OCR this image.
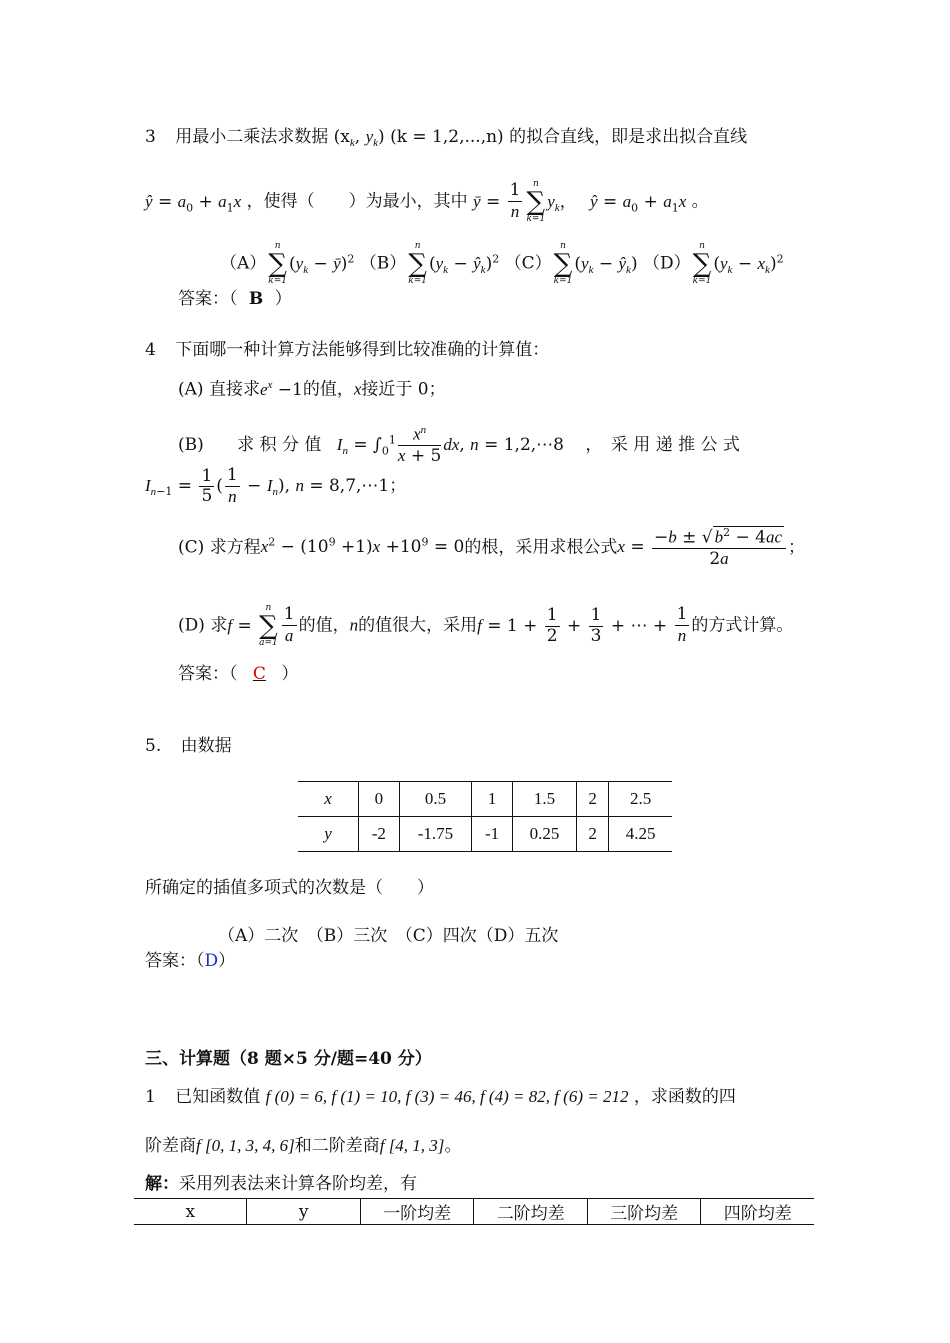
3 用最小二乘法求数据 ($x_k$, $y_k$) (k = 1,2,...,n) 的拟合直线，即是求出拟合直线
ŷ = $a_0 + a_1x$ ，使得（　　）为最小，其中 ȳ = $\frac{1}{n}$	n
∑
k=1
$y_k$， ŷ = $a_0 + a_1x$ 。
（A）
n
∑
k=1
($y_k$ − ȳ)$^2$ （B）
n
∑
k=1
($y_k$ − $ŷ_k)^2$ （C）
n
∑
k=1
($y_k$ − $ŷ_k$) （D）
n
∑
k=1
$(y_k - x_k)^2$
答案：（ B ）
4 下面哪一种计算方法能够得到比较准确的计算值：
(A) 直接求$e^x -1$的值，x接近于 0；
(B) 求 积 分 值 $I_n = \int_0^1 \frac{x^n}{x + 5}$ dx, n = 1,2,⋯8 ，　采 用 递 推 公 式
$I_{n-1} = \frac{1}{5}$ ( $\frac{1}{n} - I_n$), n = 8,7,⋯1；
(C) 求方程$x^2 - (10^9 +1)x +10^9 = 0$的根，采用求根公式$x = \frac{-b \pm √ b^2 - 4ac}{2a}$ ；
(D) 求f =
n
∑
$a=1 \frac{1}{a}$ 的值，n的值很大，采用$f = 1 + \frac{1}{2} + \frac{1}{3}$ + ⋯ + $\frac{1}{n}$ 的方式计算。
答案：（ C ）
5. 由数据
x	0	0.5	1	1.5	2	2.5
y	-2	-1.75	-1	0.25	2	4.25
所确定的插值多项式的次数是（　　）
（A）二次　（B）三次　（C）四次（D）五次
答案：（D）
三、计算题（8 题×5 分/题=40 分）
1 已知函数值 f (0) = 6, f (1) = 10, f (3) = 46, f (4) = 82, f (6) = 212 ，求函数的四
阶差商f [0, 1, 3, 4, 6]和二阶差商f [4, 1, 3]。
解：采用列表法来计算各阶均差，有
x	y	一阶均差	二阶均差	三阶均差	四阶均差
